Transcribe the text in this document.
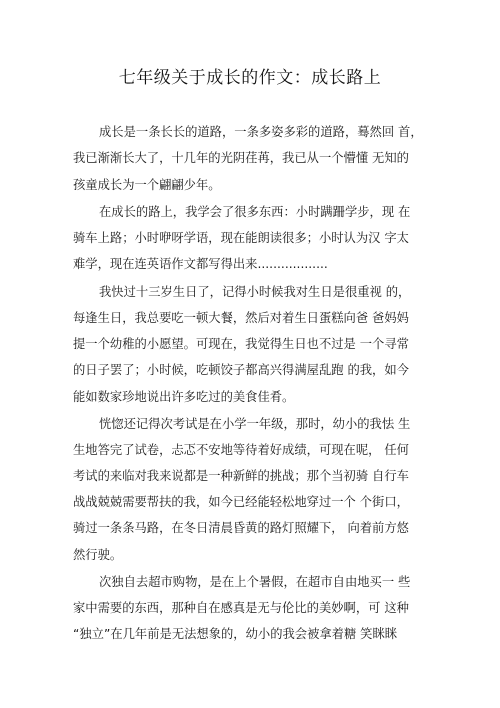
七年级关于成长的作文：成长路上
成长是一条长长的道路，一条多姿多彩的道路，蓦然回 首，
我已渐渐长大了，十几年的光阴荏苒，我已从一个懵懂 无知的
孩童成长为一个翩翩少年。
在成长的路上，我学会了很多东西：小时蹒跚学步，现 在
骑车上路；小时咿呀学语，现在能朗读很多；小时认为汉 字太
难学，现在连英语作文都写得出来..................
我快过十三岁生日了，记得小时候我对生日是很重视 的，
每逢生日，我总要吃一顿大餐，然后对着生日蛋糕向爸 爸妈妈
提一个幼稚的小愿望。可现在，我觉得生日也不过是 一个寻常
的日子罢了；小时候，吃顿饺子都高兴得满屋乱跑 的我，如今
能如数家珍地说出许多吃过的美食佳肴。
恍惚还记得次考试是在小学一年级，那时，幼小的我怯 生
生地答完了试卷，忐忑不安地等待着好成绩，可现在呢， 任何
考试的来临对我来说都是一种新鲜的挑战；那个当初骑 自行车
战战兢兢需要帮扶的我，如今已经能轻松地穿过一个 个街口，
骑过一条条马路，在冬日清晨昏黄的路灯照耀下， 向着前方悠
然行驶。
次独自去超市购物，是在上个暑假，在超市自由地买一 些
家中需要的东西，那种自在感真是无与伦比的美妙啊，可 这种
“独立”在几年前是无法想象的，幼小的我会被拿着糖 笑眯眯
